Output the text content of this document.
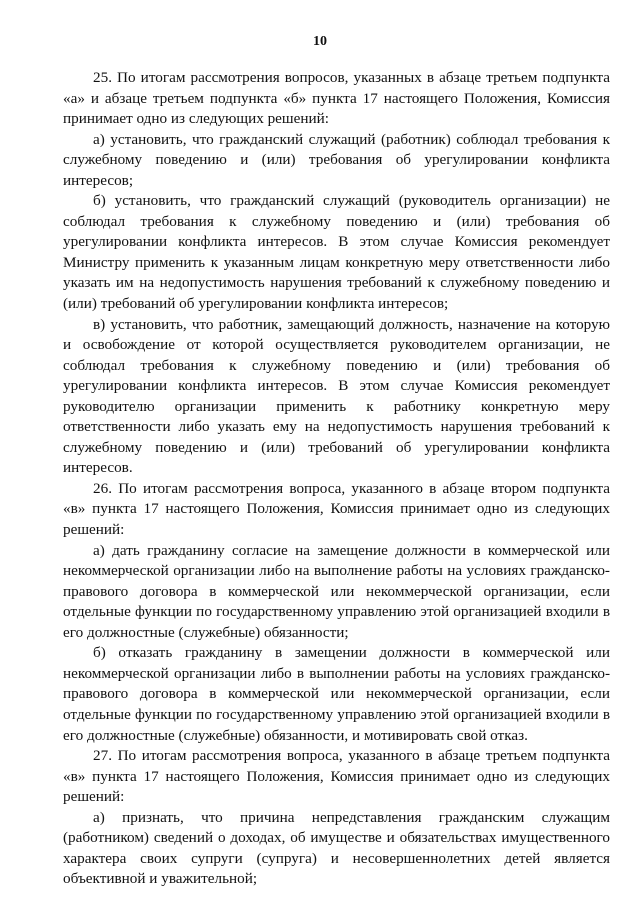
10

25. По итогам рассмотрения вопросов, указанных в абзаце третьем подпункта «а» и абзаце третьем подпункта «б» пункта 17 настоящего Положения, Комиссия принимает одно из следующих решений:

а) установить, что гражданский служащий (работник) соблюдал требования к служебному поведению и (или) требования об урегулировании конфликта интересов;

б) установить, что гражданский служащий (руководитель организации) не соблюдал требования к служебному поведению и (или) требования об урегулировании конфликта интересов. В этом случае Комиссия рекомендует Министру применить к указанным лицам конкретную меру ответственности либо указать им на недопустимость нарушения требований к служебному поведению и (или) требований об урегулировании конфликта интересов;

в) установить, что работник, замещающий должность, назначение на которую и освобождение от которой осуществляется руководителем организации, не соблюдал требования к служебному поведению и (или) требования об урегулировании конфликта интересов. В этом случае Комиссия рекомендует руководителю организации применить к работнику конкретную меру ответственности либо указать ему на недопустимость нарушения требований к служебному поведению и (или) требований об урегулировании конфликта интересов.

26. По итогам рассмотрения вопроса, указанного в абзаце втором подпункта «в» пункта 17 настоящего Положения, Комиссия принимает одно из следующих решений:

а) дать гражданину согласие на замещение должности в коммерческой или некоммерческой организации либо на выполнение работы на условиях гражданско-правового договора в коммерческой или некоммерческой организации, если отдельные функции по государственному управлению этой организацией входили в его должностные (служебные) обязанности;

б) отказать гражданину в замещении должности в коммерческой или некоммерческой организации либо в выполнении работы на условиях гражданско-правового договора в коммерческой или некоммерческой организации, если отдельные функции по государственному управлению этой организацией входили в его должностные (служебные) обязанности, и мотивировать свой отказ.

27. По итогам рассмотрения вопроса, указанного в абзаце третьем подпункта «в» пункта 17 настоящего Положения, Комиссия принимает одно из следующих решений:

а) признать, что причина непредставления гражданским служащим (работником) сведений о доходах, об имуществе и обязательствах имущественного характера своих супруги (супруга) и несовершеннолетних детей является объективной и уважительной;
